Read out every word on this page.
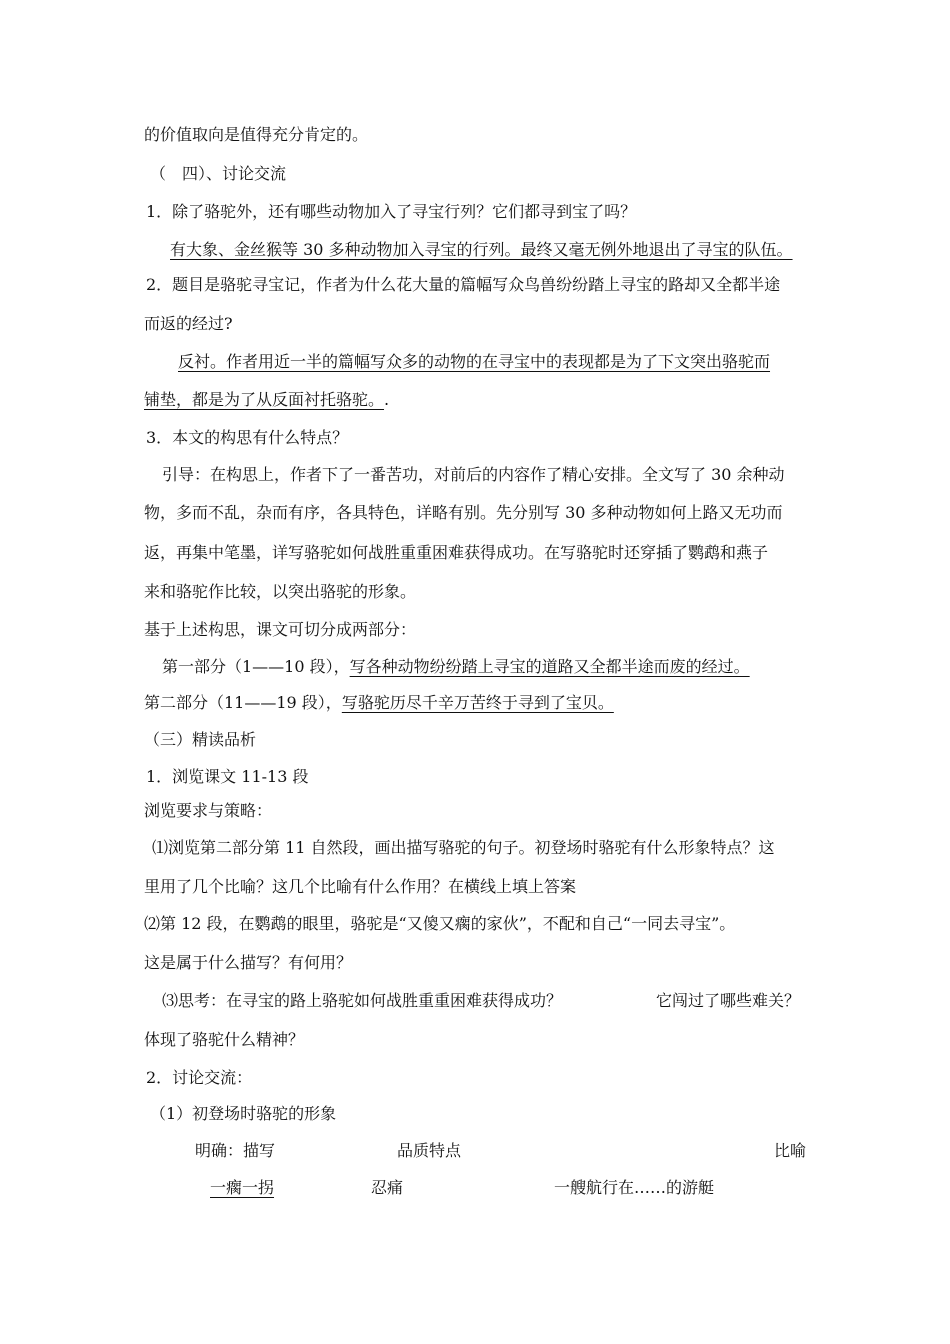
的价值取向是值得充分肯定的。
（　四）、讨论交流
1．除了骆驼外，还有哪些动物加入了寻宝行列？它们都寻到宝了吗？
有大象、金丝猴等 30 多种动物加入寻宝的行列。最终又毫无例外地退出了寻宝的队伍。
2．题目是骆驼寻宝记，作者为什么花大量的篇幅写众鸟兽纷纷踏上寻宝的路却又全都半途
而返的经过?
反衬。作者用近一半的篇幅写众多的动物的在寻宝中的表现都是为了下文突出骆驼而
铺垫，都是为了从反面衬托骆驼。.
3．本文的构思有什么特点？
引导：在构思上，作者下了一番苦功，对前后的内容作了精心安排。全文写了 30 余种动
物，多而不乱，杂而有序，各具特色，详略有别。先分别写 30 多种动物如何上路又无功而
返，再集中笔墨，详写骆驼如何战胜重重困难获得成功。在写骆驼时还穿插了鹦鹉和燕子
来和骆驼作比较，以突出骆驼的形象。
基于上述构思，课文可切分成两部分：
第一部分（1——10 段），写各种动物纷纷踏上寻宝的道路又全都半途而废的经过。
第二部分（11——19 段），写骆驼历尽千辛万苦终于寻到了宝贝。
（三）精读品析
1．浏览课文 11-13 段
浏览要求与策略：
⑴浏览第二部分第 11 自然段，画出描写骆驼的句子。初登场时骆驼有什么形象特点？这
里用了几个比喻？这几个比喻有什么作用？在横线上填上答案
⑵第 12 段，在鹦鹉的眼里，骆驼是“又傻又瘸的家伙”，不配和自己“一同去寻宝”。
这是属于什么描写？有何用？
⑶思考：在寻宝的路上骆驼如何战胜重重困难获得成功？	它闯过了哪些难关？
体现了骆驼什么精神？
2．讨论交流：
（1）初登场时骆驼的形象
明确：描写	品质特点	比喻
一瘸一拐	忍痛	一艘航行在……的游艇
